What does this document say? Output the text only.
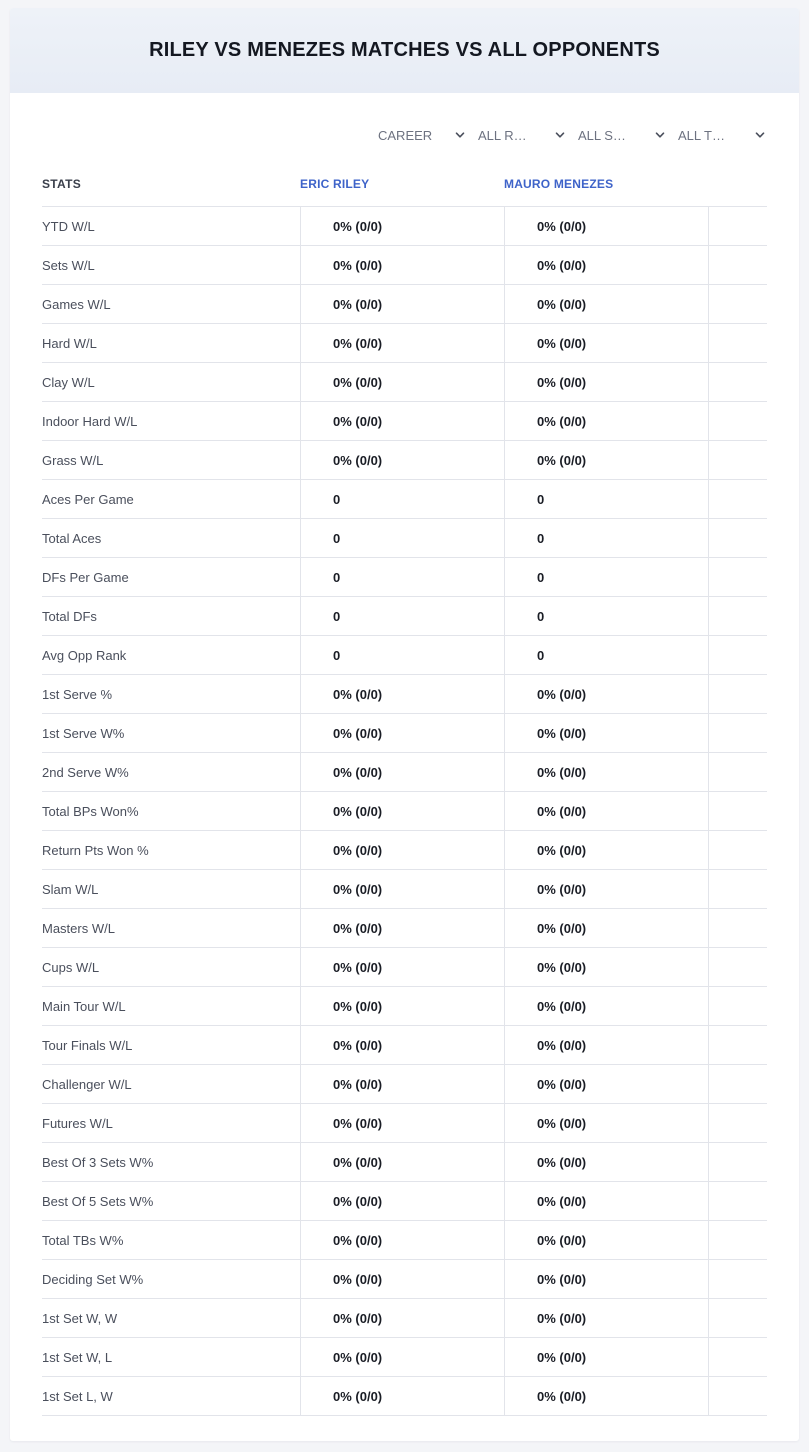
RILEY VS MENEZES MATCHES VS ALL OPPONENTS
CAREER	ALL R…	ALL S…	ALL T…
STATS	ERIC RILEY	MAURO MENEZES
YTD W/L	0% (0/0)	0% (0/0)
Sets W/L	0% (0/0)	0% (0/0)
Games W/L	0% (0/0)	0% (0/0)
Hard W/L	0% (0/0)	0% (0/0)
Clay W/L	0% (0/0)	0% (0/0)
Indoor Hard W/L	0% (0/0)	0% (0/0)
Grass W/L	0% (0/0)	0% (0/0)
Aces Per Game	0	0
Total Aces	0	0
DFs Per Game	0	0
Total DFs	0	0
Avg Opp Rank	0	0
1st Serve %	0% (0/0)	0% (0/0)
1st Serve W%	0% (0/0)	0% (0/0)
2nd Serve W%	0% (0/0)	0% (0/0)
Total BPs Won%	0% (0/0)	0% (0/0)
Return Pts Won %	0% (0/0)	0% (0/0)
Slam W/L	0% (0/0)	0% (0/0)
Masters W/L	0% (0/0)	0% (0/0)
Cups W/L	0% (0/0)	0% (0/0)
Main Tour W/L	0% (0/0)	0% (0/0)
Tour Finals W/L	0% (0/0)	0% (0/0)
Challenger W/L	0% (0/0)	0% (0/0)
Futures W/L	0% (0/0)	0% (0/0)
Best Of 3 Sets W%	0% (0/0)	0% (0/0)
Best Of 5 Sets W%	0% (0/0)	0% (0/0)
Total TBs W%	0% (0/0)	0% (0/0)
Deciding Set W%	0% (0/0)	0% (0/0)
1st Set W, W	0% (0/0)	0% (0/0)
1st Set W, L	0% (0/0)	0% (0/0)
1st Set L, W	0% (0/0)	0% (0/0)
